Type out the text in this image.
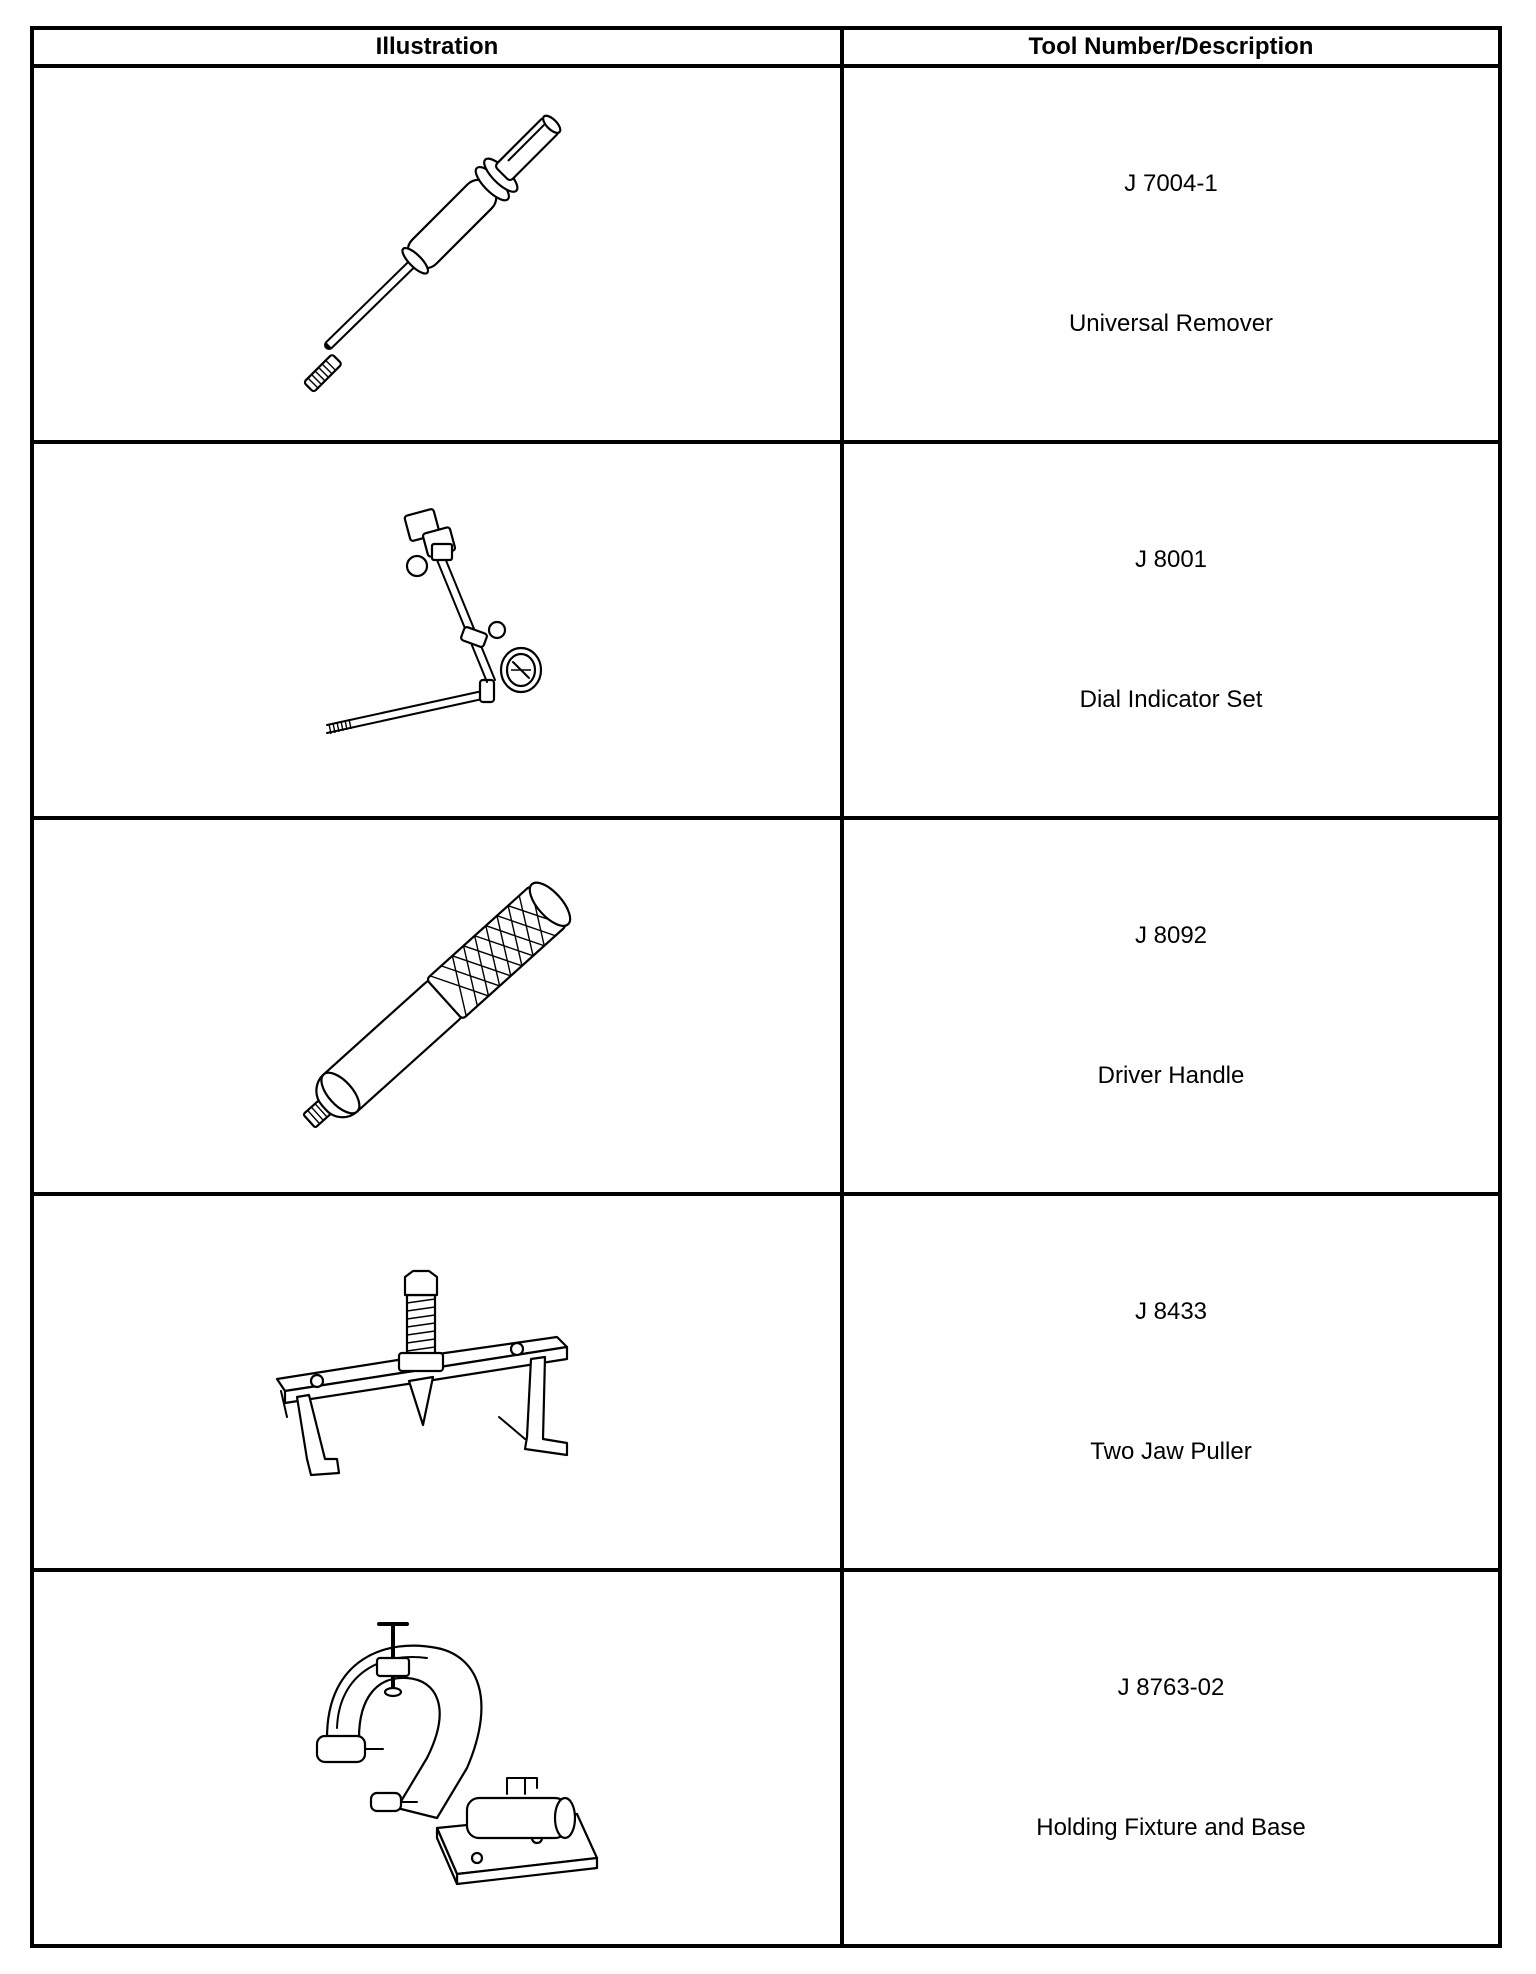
Illustration	Tool Number/Description

J 7004-1
Universal Remover

J 8001
Dial Indicator Set

J 8092
Driver Handle

J 8433
Two Jaw Puller

J 8763-02
Holding Fixture and Base
